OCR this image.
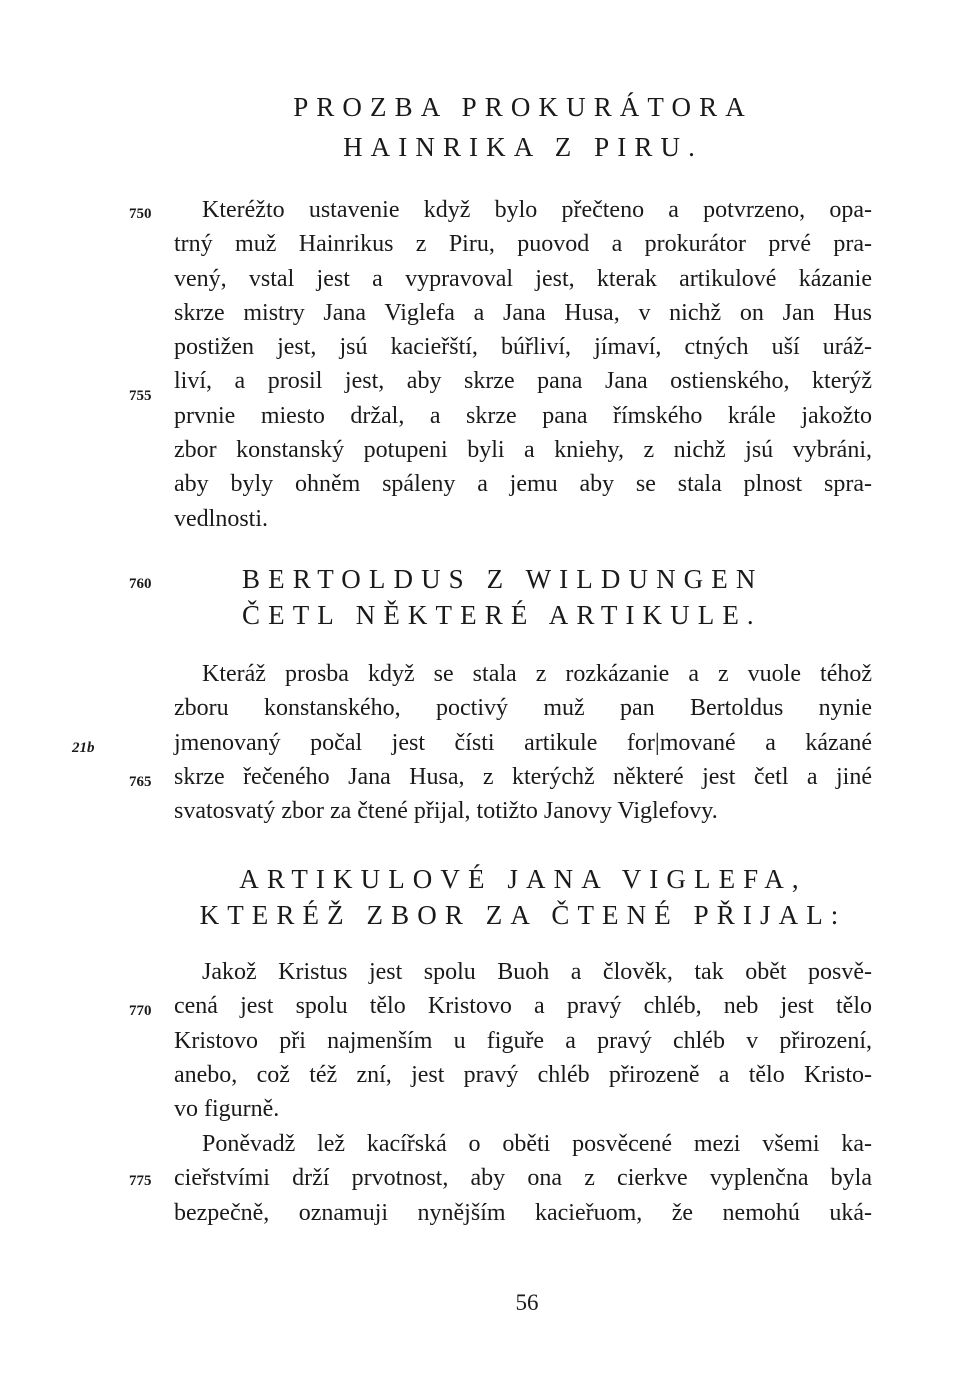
PROZBA PROKURÁTORA
HAINRIKA Z PIRU.
750	Kteréžto ustavenie když bylo přečteno a potvrzeno, opa-
trný muž Hainrikus z Piru, puovod a prokurátor prvé pra-
vený, vstal jest a vypravoval jest, kterak artikulové kázanie
skrze mistry Jana Viglefa a Jana Husa, v nichž on Jan Hus
postižen jest, jsú kacieřští, búřliví, jímaví, ctných uší uráž-
liví, a prosil jest, aby skrze pana Jana ostienského, kterýž
prvnie miesto držal, a skrze pana římského krále jakožto
zbor konstanský potupeni byli a kniehy, z nichž jsú vybráni,
aby byly ohněm spáleny a jemu aby se stala plnost spra-
vedlnosti.

755
760	BERTOLDUS Z WILDUNGEN
ČETL NĚKTERÉ ARTIKULE.

Kteráž prosba když se stala z rozkázanie a z vuole téhož
zboru konstanského, poctivý muž pan Bertoldus nynie
jmenovaný počal jest čísti artikule for|mované a kázané
skrze řečeného Jana Husa, z kterýchž některé jest četl a jiné
svatosvatý zbor za čtené přijal, totižto Janovy Viglefovy.

21b
765
ARTIKULOVÉ JANA VIGLEFA,
KTERÉŽ ZBOR ZA ČTENÉ PŘIJAL:

Jakož Kristus jest spolu Buoh a člověk, tak obět posvě-
cená jest spolu tělo Kristovo a pravý chléb, neb jest tělo
Kristovo při najmenším u figuře a pravý chléb v přirození,
anebo, což též zní, jest pravý chléb přirozeně a tělo Kristo-
vo figurně.

770

Poněvadž lež kacířská o oběti posvěcené mezi všemi ka-
cieřstvími drží prvotnost, aby ona z cierkve vyplenčna byla
bezpečně, oznamuji nynějším kacieřuom, že nemohú uká-

775
56
